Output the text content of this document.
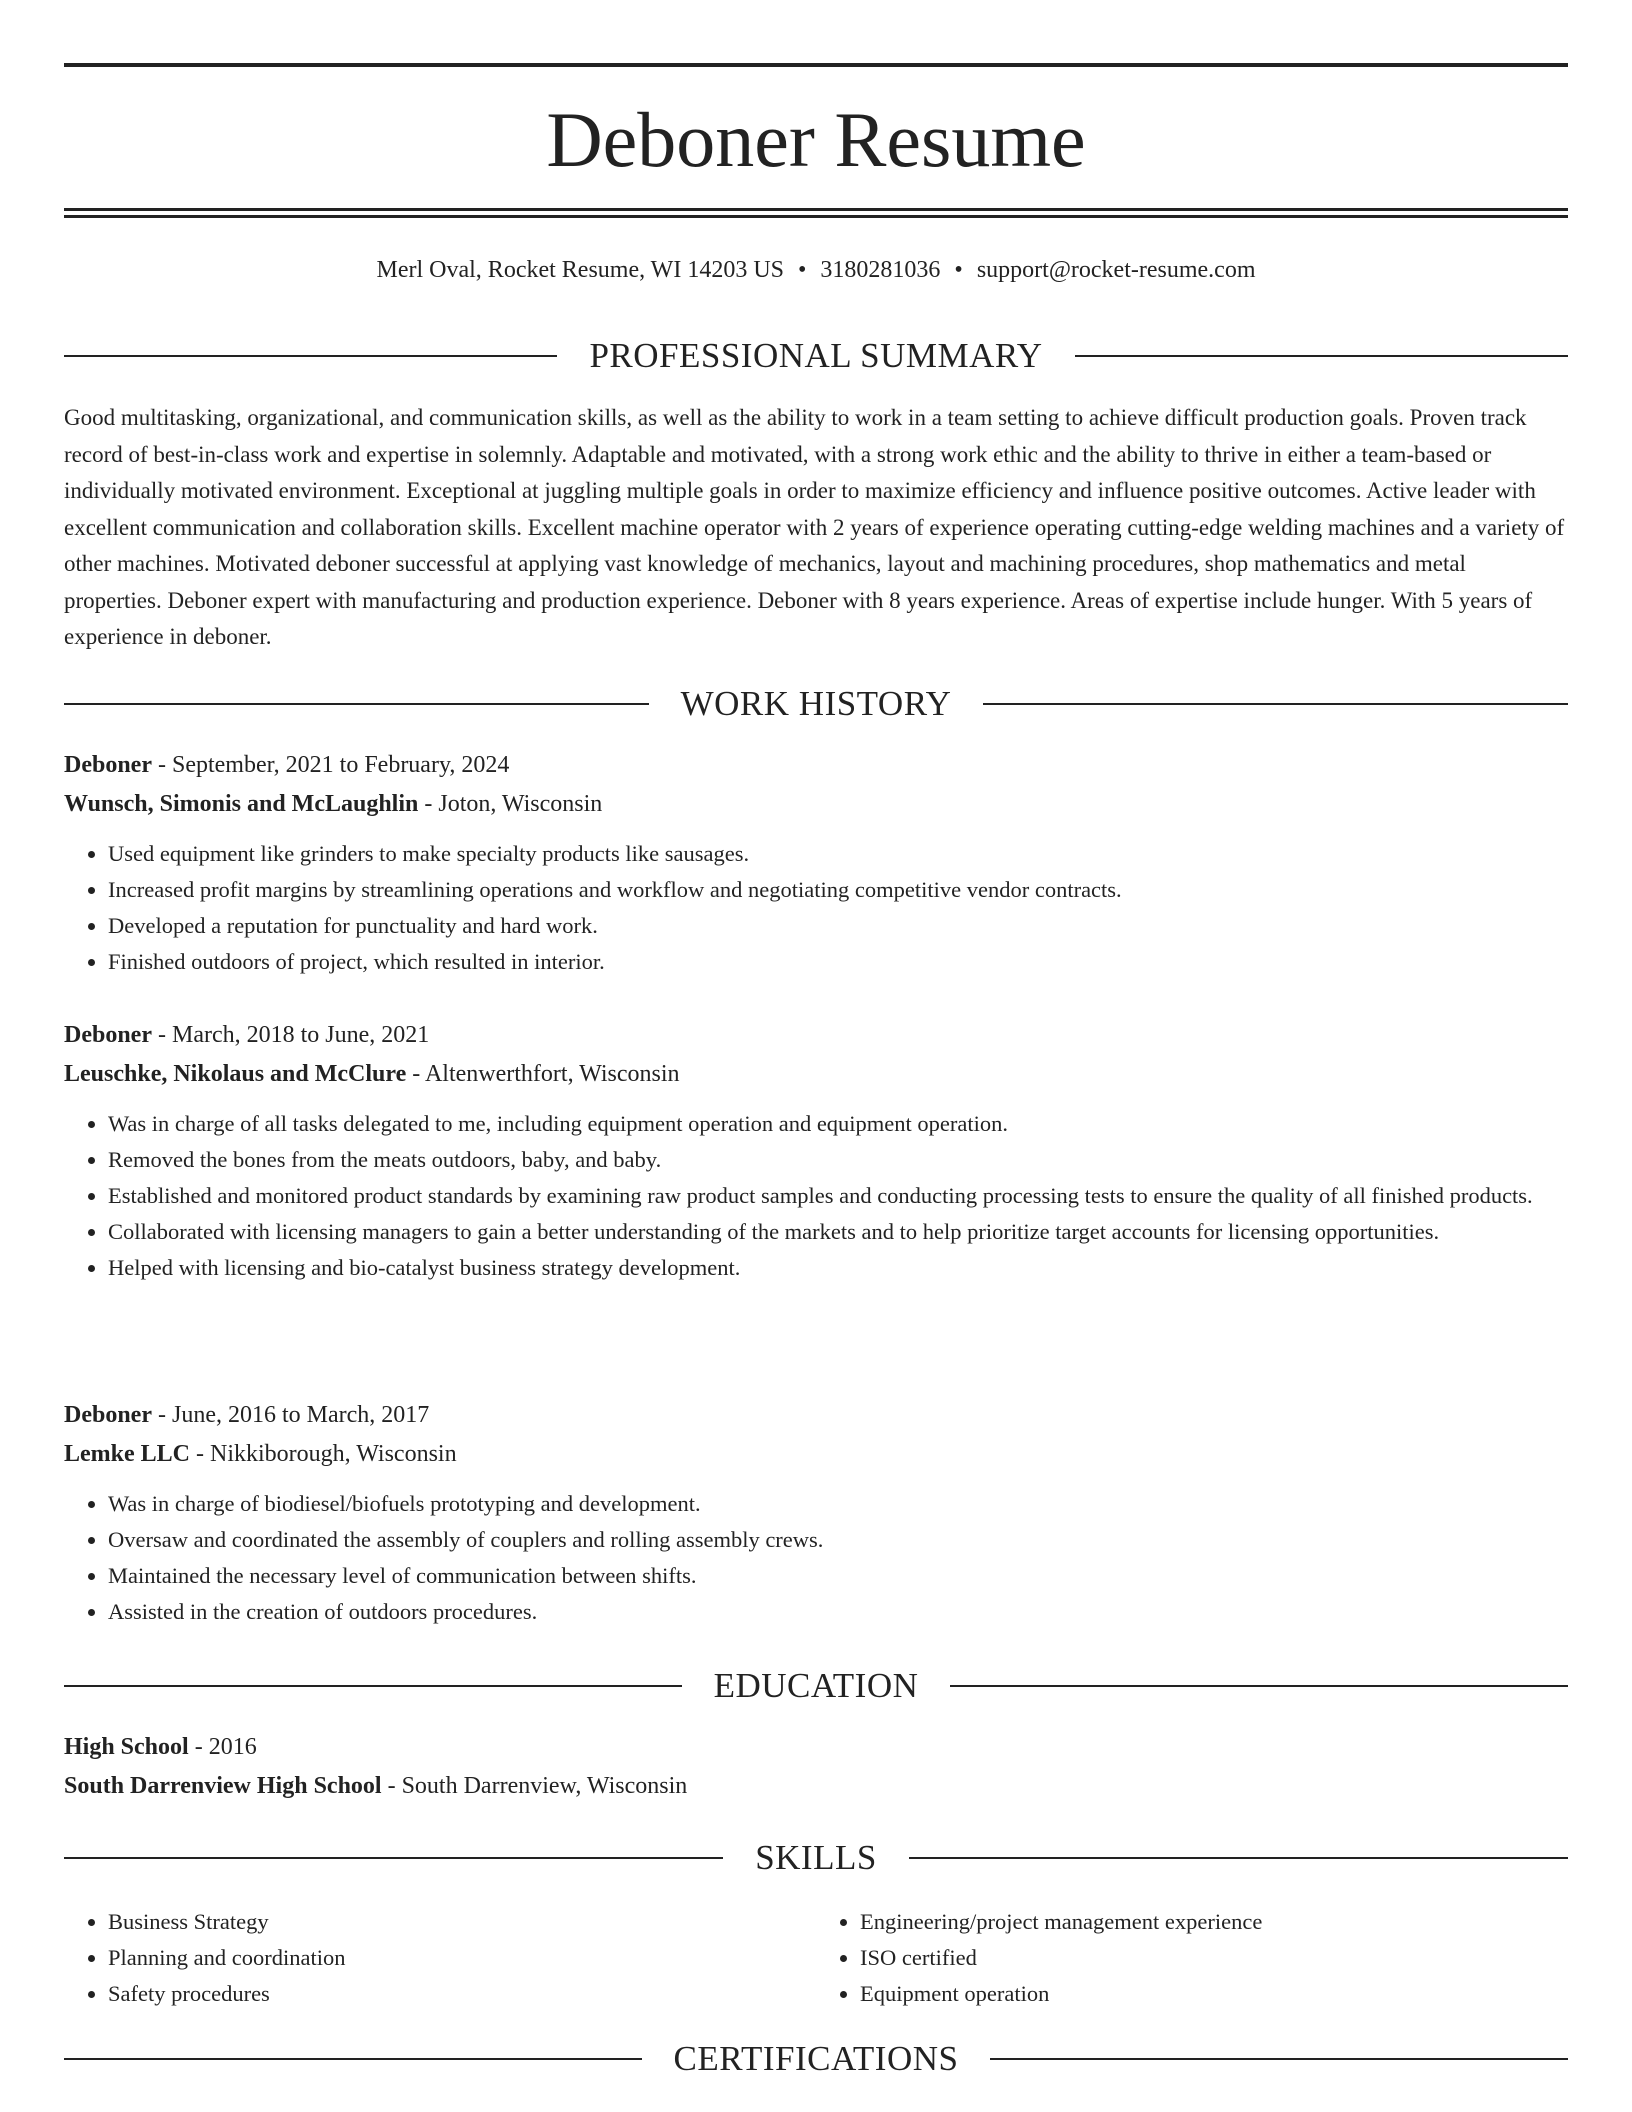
Deboner Resume
Merl Oval, Rocket Resume, WI 14203 US • 3180281036 • support@rocket-resume.com
PROFESSIONAL SUMMARY

Good multitasking, organizational, and communication skills, as well as the ability to work in a team setting to achieve difficult production goals. Proven track record of best-in-class work and expertise in solemnly. Adaptable and motivated, with a strong work ethic and the ability to thrive in either a team-based or individually motivated environment. Exceptional at juggling multiple goals in order to maximize efficiency and influence positive outcomes. Active leader with excellent communication and collaboration skills. Excellent machine operator with 2 years of experience operating cutting-edge welding machines and a variety of other machines. Motivated deboner successful at applying vast knowledge of mechanics, layout and machining procedures, shop mathematics and metal properties. Deboner expert with manufacturing and production experience. Deboner with 8 years experience. Areas of expertise include hunger. With 5 years of experience in deboner.

WORK HISTORY
Deboner - September, 2021 to February, 2024
Wunsch, Simonis and McLaughlin - Joton, Wisconsin
• Used equipment like grinders to make specialty products like sausages.
• Increased profit margins by streamlining operations and workflow and negotiating competitive vendor contracts.
• Developed a reputation for punctuality and hard work.
• Finished outdoors of project, which resulted in interior.
Deboner - March, 2018 to June, 2021
Leuschke, Nikolaus and McClure - Altenwerthfort, Wisconsin
• Was in charge of all tasks delegated to me, including equipment operation and equipment operation.
• Removed the bones from the meats outdoors, baby, and baby.
• Established and monitored product standards by examining raw product samples and conducting processing tests to ensure the quality of all finished products.
• Collaborated with licensing managers to gain a better understanding of the markets and to help prioritize target accounts for licensing opportunities.
• Helped with licensing and bio-catalyst business strategy development.
Deboner - June, 2016 to March, 2017
Lemke LLC - Nikkiborough, Wisconsin
• Was in charge of biodiesel/biofuels prototyping and development.
• Oversaw and coordinated the assembly of couplers and rolling assembly crews.
• Maintained the necessary level of communication between shifts.
• Assisted in the creation of outdoors procedures.
EDUCATION
High School - 2016
South Darrenview High School - South Darrenview, Wisconsin
SKILLS
• Business Strategy
• Planning and coordination
• Safety procedures
• Engineering/project management experience
• ISO certified
• Equipment operation
CERTIFICATIONS
